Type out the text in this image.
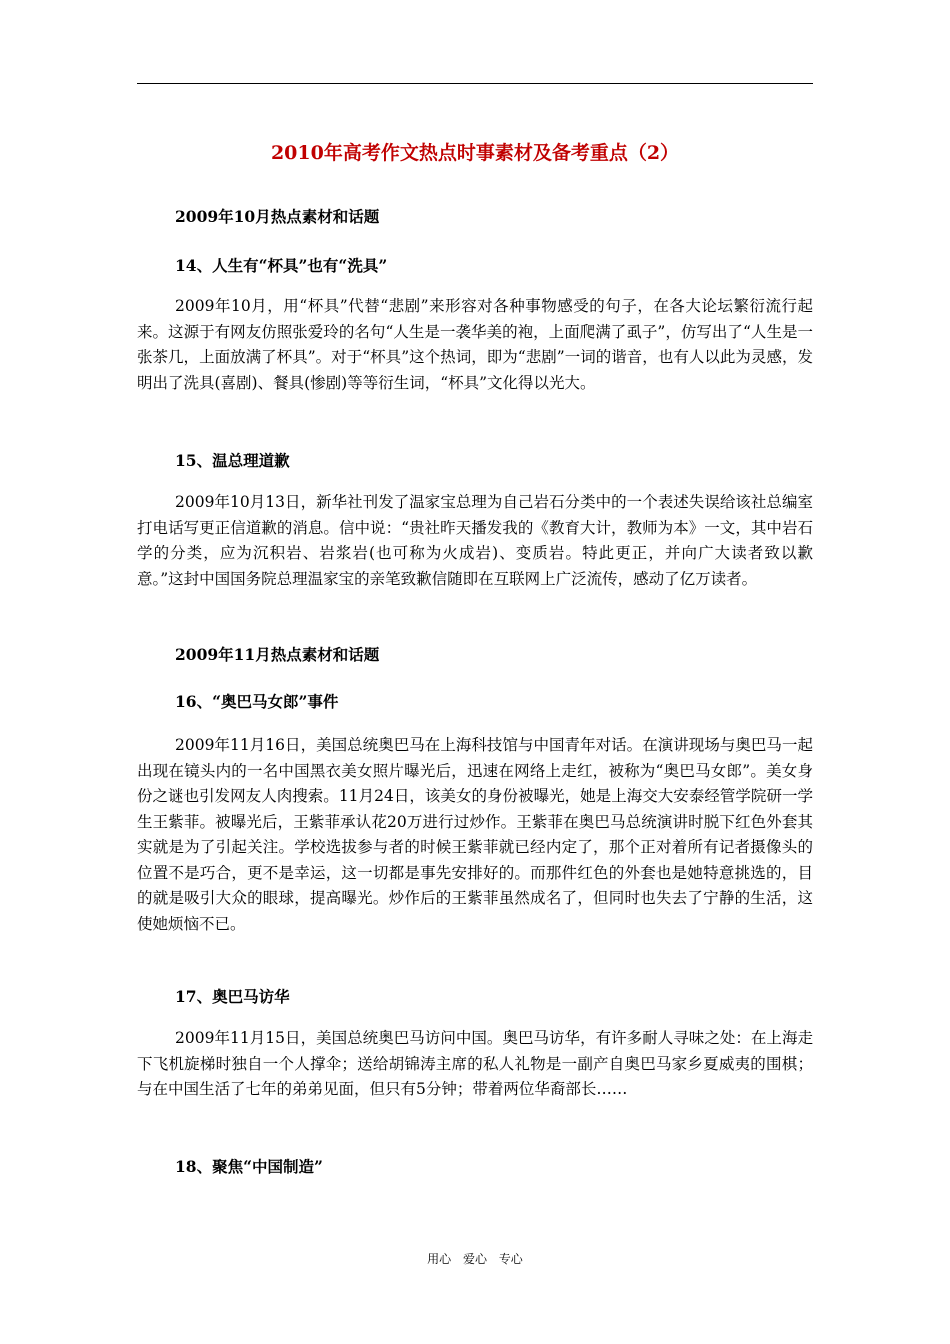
2010年高考作文热点时事素材及备考重点（2）
2009年10月热点素材和话题
14、人生有“杯具”也有“洗具”

2009年10月，用“杯具”代替“悲剧”来形容对各种事物感受的句子，在各大论坛繁衍流行起来。这源于有网友仿照张爱玲的名句“人生是一袭华美的袍，上面爬满了虱子”，仿写出了“人生是一张茶几，上面放满了杯具”。对于“杯具”这个热词，即为“悲剧”一词的谐音，也有人以此为灵感，发明出了洗具(喜剧)、餐具(惨剧)等等衍生词，“杯具”文化得以光大。

15、温总理道歉

2009年10月13日，新华社刊发了温家宝总理为自己岩石分类中的一个表述失误给该社总编室打电话写更正信道歉的消息。信中说：“贵社昨天播发我的《教育大计，教师为本》一文，其中岩石学的分类，应为沉积岩、岩浆岩(也可称为火成岩)、变质岩。特此更正，并向广大读者致以歉意。”这封中国国务院总理温家宝的亲笔致歉信随即在互联网上广泛流传，感动了亿万读者。

2009年11月热点素材和话题
16、“奥巴马女郎”事件

2009年11月16日，美国总统奥巴马在上海科技馆与中国青年对话。在演讲现场与奥巴马一起出现在镜头内的一名中国黑衣美女照片曝光后，迅速在网络上走红，被称为“奥巴马女郎”。美女身份之谜也引发网友人肉搜索。11月24日，该美女的身份被曝光，她是上海交大安泰经管学院研一学生王紫菲。被曝光后，王紫菲承认花20万进行过炒作。王紫菲在奥巴马总统演讲时脱下红色外套其实就是为了引起关注。学校选拔参与者的时候王紫菲就已经内定了，那个正对着所有记者摄像头的位置不是巧合，更不是幸运，这一切都是事先安排好的。而那件红色的外套也是她特意挑选的，目的就是吸引大众的眼球，提高曝光。炒作后的王紫菲虽然成名了，但同时也失去了宁静的生活，这使她烦恼不已。

17、奥巴马访华

2009年11月15日，美国总统奥巴马访问中国。奥巴马访华，有许多耐人寻味之处：在上海走下飞机旋梯时独自一个人撑伞；送给胡锦涛主席的私人礼物是一副产自奥巴马家乡夏威夷的围棋；与在中国生活了七年的弟弟见面，但只有5分钟；带着两位华裔部长……

18、聚焦“中国制造”

用心 爱心 专心
